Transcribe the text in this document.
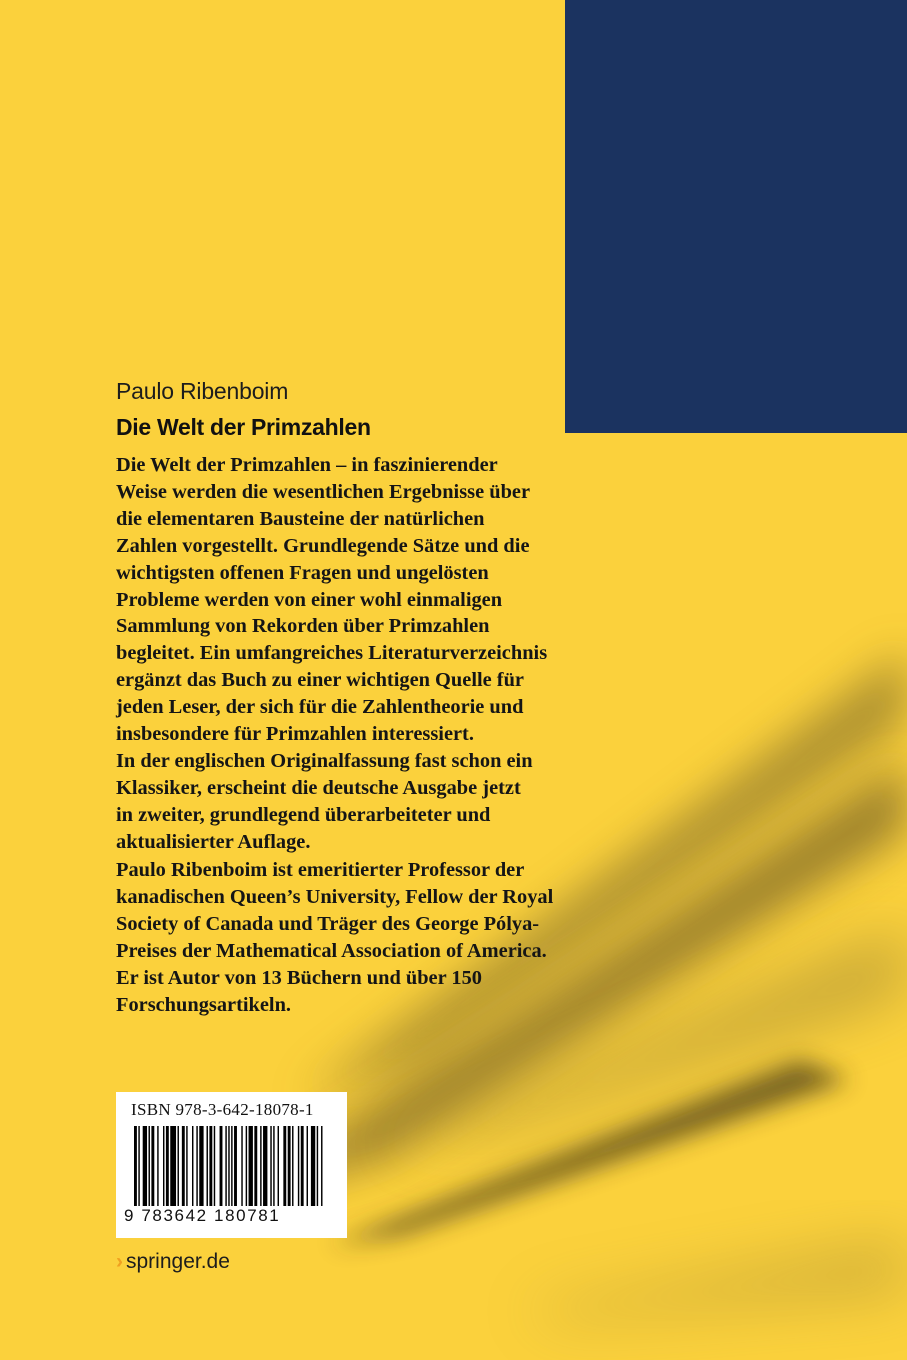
Paulo Ribenboim
Die Welt der Primzahlen
Die Welt der Primzahlen – in faszinierender
Weise werden die wesentlichen Ergebnisse über
die elementaren Bausteine der natürlichen
Zahlen vorgestellt. Grundlegende Sätze und die
wichtigsten offenen Fragen und ungelösten
Probleme werden von einer wohl einmaligen
Sammlung von Rekorden über Primzahlen
begleitet. Ein umfangreiches Literaturverzeichnis
ergänzt das Buch zu einer wichtigen Quelle für
jeden Leser, der sich für die Zahlentheorie und
insbesondere für Primzahlen interessiert.
In der englischen Originalfassung fast schon ein
Klassiker, erscheint die deutsche Ausgabe jetzt
in zweiter, grundlegend überarbeiteter und
aktualisierter Auflage.
Paulo Ribenboim ist emeritierter Professor der
kanadischen Queen’s University, Fellow der Royal
Society of Canada und Träger des George Pólya-
Preises der Mathematical Association of America.
Er ist Autor von 13 Büchern und über 150
Forschungsartikeln.
ISBN 978-3-642-18078-1
9 783642 180781
› springer.de
